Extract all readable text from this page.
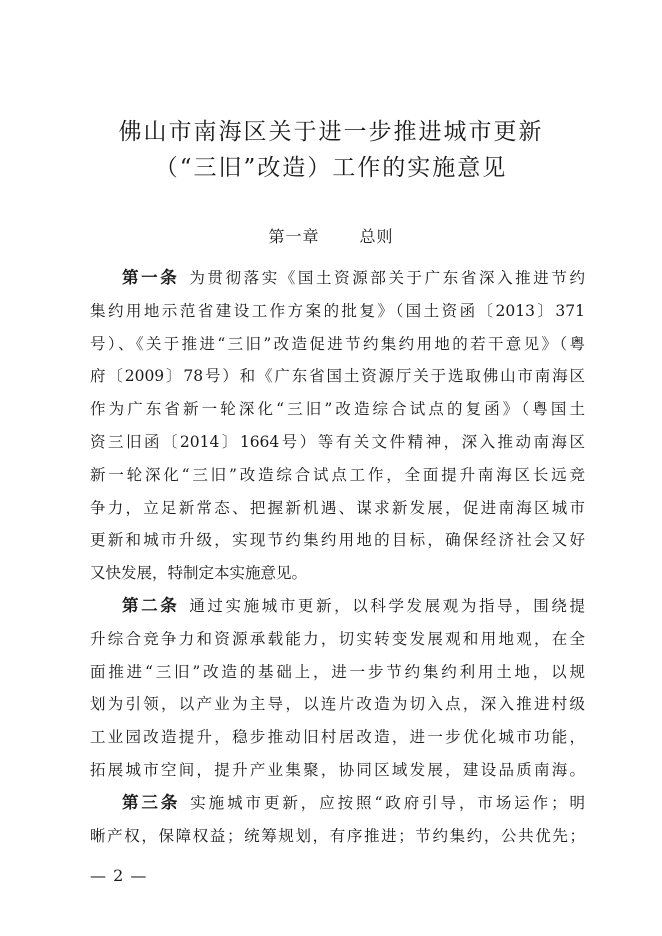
佛山市南海区关于进一步推进城市更新
（“三旧”改造）工作的实施意见
第一章	总则
第一条 为贯彻落实《国土资源部关于广东省深入推进节约
集约用地示范省建设工作方案的批复》（国土资函〔2013〕371
号）、《关于推进“三旧”改造促进节约集约用地的若干意见》（粤
府〔2009〕78号）和《广东省国土资源厅关于选取佛山市南海区
作为广东省新一轮深化“三旧”改造综合试点的复函》（粤国土
资三旧函〔2014〕1664号）等有关文件精神，深入推动南海区
新一轮深化“三旧”改造综合试点工作，全面提升南海区长远竞
争力，立足新常态、把握新机遇、谋求新发展，促进南海区城市
更新和城市升级，实现节约集约用地的目标，确保经济社会又好
又快发展，特制定本实施意见。
第二条 通过实施城市更新，以科学发展观为指导，围绕提
升综合竞争力和资源承载能力，切实转变发展观和用地观，在全
面推进“三旧”改造的基础上，进一步节约集约利用土地，以规
划为引领，以产业为主导，以连片改造为切入点，深入推进村级
工业园改造提升，稳步推动旧村居改造，进一步优化城市功能，
拓展城市空间，提升产业集聚，协同区域发展，建设品质南海。
第三条 实施城市更新，应按照“政府引导，市场运作；明
晰产权，保障权益；统筹规划，有序推进；节约集约，公共优先；
— 2 —
